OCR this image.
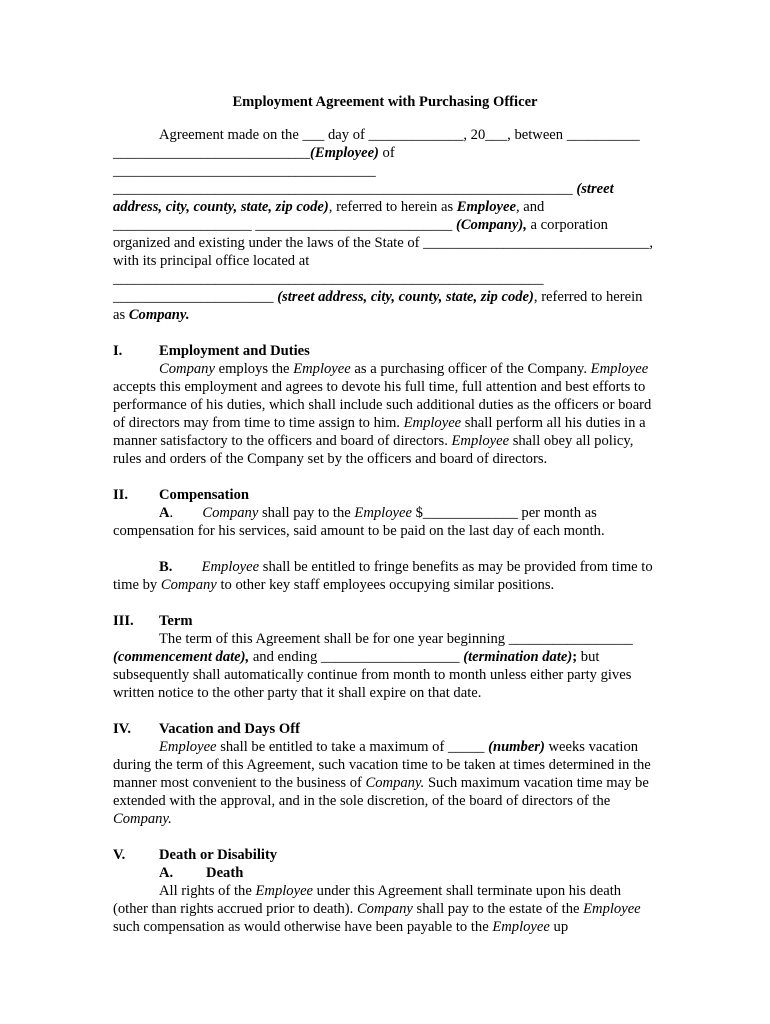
Employment Agreement with Purchasing Officer

Agreement made on the ___ day of _____________, 20___, between __________ ___________________________(Employee) of ____________________________________ _______________________________________________________________ (street address, city, county, state, zip code), referred to herein as Employee, and ___________________ ___________________________ (Company), a corporation organized and existing under the laws of the State of _______________________________, with its principal office located at ___________________________________________________________ ______________________ (street address, city, county, state, zip code), referred to herein as Company.

I.	Employment and Duties

Company employs the Employee as a purchasing officer of the Company. Employee accepts this employment and agrees to devote his full time, full attention and best efforts to performance of his duties, which shall include such additional duties as the officers or board of directors may from time to time assign to him. Employee shall perform all his duties in a manner satisfactory to the officers and board of directors. Employee shall obey all policy, rules and orders of the Company set by the officers and board of directors.

II. Compensation

A.        Company shall pay to the Employee $_____________ per month as compensation for his services, said amount to be paid on the last day of each month.

B. Employee shall be entitled to fringe benefits as may be provided from time to time by Company to other key staff employees occupying similar positions.

III. Term

The term of this Agreement shall be for one year beginning _________________ (commencement date), and ending ___________________ (termination date); but subsequently shall automatically continue from month to month unless either party gives written notice to the other party that it shall expire on that date.

IV. Vacation and Days Off

Employee shall be entitled to take a maximum of _____ (number) weeks vacation during the term of this Agreement, such vacation time to be taken at times determined in the manner most convenient to the business of Company. Such maximum vacation time may be extended with the approval, and in the sole discretion, of the board of directors of the Company.

V. Death or Disability
A.         Death

All rights of the Employee under this Agreement shall terminate upon his death (other than rights accrued prior to death). Company shall pay to the estate of the Employee such compensation as would otherwise have been payable to the Employee up
